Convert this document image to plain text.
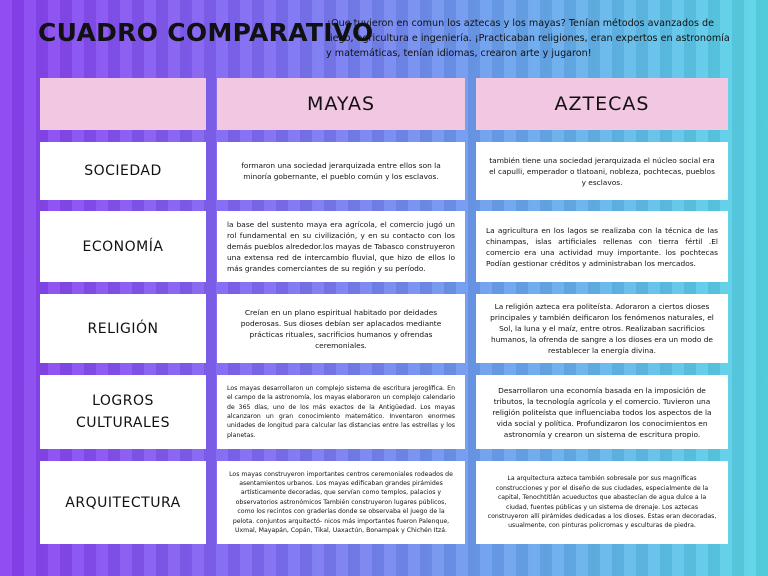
CUADRO COMPARATIVO
¿Que tuvieron en comun los aztecas y los mayas? Tenían métodos avanzados de riego, agricultura e ingeniería. ¡Practicaban religiones, eran expertos en astronomía y matemáticas, tenían idiomas, crearon arte y jugaron!
MAYAS	AZTECAS
SOCIEDAD	formaron una sociedad jerarquizada entre ellos son la minoría gobernante, el pueblo común y los esclavos.
también tiene una sociedad jerarquizada el núcleo social era el capulli, emperador o tlatoani, nobleza, pochtecas, pueblos y esclavos.
ECONOMÍA
la base del sustento maya era agrícola, el comercio jugó un rol fundamental en su civilización, y en su contacto con los demás pueblos alrededor.los mayas de Tabasco construyeron una extensa red de intercambio fluvial, que hizo de ellos lo más grandes comerciantes de su región y su período.
La agricultura en los lagos se realizaba con la técnica de las chinampas, islas artificiales rellenas con tierra fértil .El comercio era una actividad muy importante. los pochtecas Podían gestionar créditos y administraban los mercados.
RELIGIÓN
Creían en un plano espiritual habitado por deidades poderosas. Sus dioses debían ser aplacados mediante prácticas rituales, sacrificios humanos y ofrendas ceremoniales.
La religión azteca era politeísta. Adoraron a ciertos dioses principales y también deificaron los fenómenos naturales, el Sol, la luna y el maíz, entre otros. Realizaban sacrificios humanos, la ofrenda de sangre a los dioses era un modo de restablecer la energía divina.
LOGROS CULTURALES
Los mayas desarrollaron un complejo sistema de escritura jeroglífica. En el campo de la astronomía, los mayas elaboraron un complejo calendario de 365 días, uno de los más exactos de la Antigüedad. Los mayas alcanzaron un gran conocimiento matemático. Inventaron enormes unidades de longitud para calcular las distancias entre las estrellas y los planetas.
Desarrollaron una economía basada en la imposición de tributos, la tecnología agrícola y el comercio. Tuvieron una religión politeísta que influenciaba todos los aspectos de la vida social y política. Profundizaron los conocimientos en astronomía y crearon un sistema de escritura propio.
ARQUITECTURA
Los mayas construyeron importantes centros ceremoniales rodeados de asentamientos urbanos. Los mayas edificaban grandes pirámides artísticamente decoradas, que servían como templos, palacios y observatorios astronómicos También construyeron lugares públicos, como los recintos con graderías donde se observaba el juego de la pelota. conjuntos arquitectó- nicos más importantes fueron Palenque, Uxmal, Mayapán, Copán, Tikal, Uaxactún, Bonampak y Chichén Itzá.
La arquitectura azteca también sobresale por sus magníficas construcciones y por el diseño de sus ciudades, especialmente de la capital, Tenochtitlán acueductos que abastecían de agua dulce a la ciudad, fuentes públicas y un sistema de drenaje. Los aztecas construyeron allí pirámides dedicadas a los dioses. Estas eran decoradas, usualmente, con pinturas policromas y esculturas de piedra.
